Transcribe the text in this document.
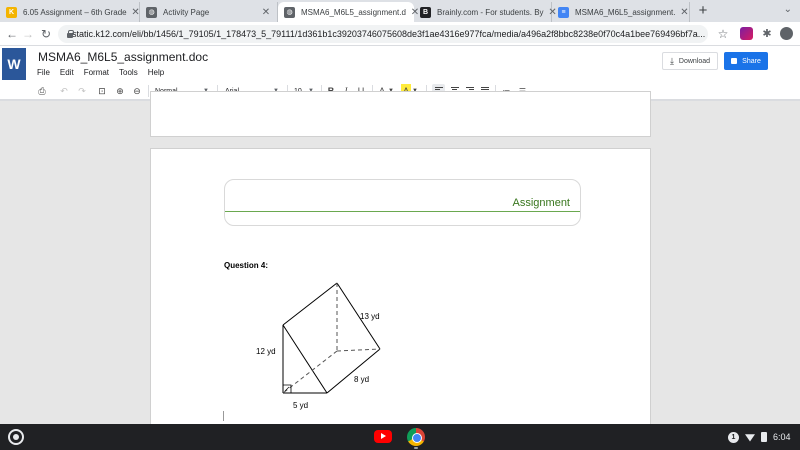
K	6.05 Assignment – 6th Grade ✕	◍	Activity Page	✕	◍	MSMA6_M6L5_assignment.d ✕ B	Brainly.com - For students. By ✕ ≡	MSMA6_M6L5_assignment. ✕ +	⌄
← → ↻	static.k12.com/eli/bb/1456/1_79105/1_178473_5_79111/1d361b1c39203746075608de3f1ae4316e977fca/media/a496a2f8bbc8238e0f70c4a1bee769496bf7a... ☆	✱
W	MSMA6_M6L5_assignment.doc
File Edit Format Tools Help
⤓ Download	Share
⎙ ↶ ↷ ⊡ ⊕ ⊖
Assignment
Question 4:
12 yd
13 yd
8 yd
5 yd
1	6:04
